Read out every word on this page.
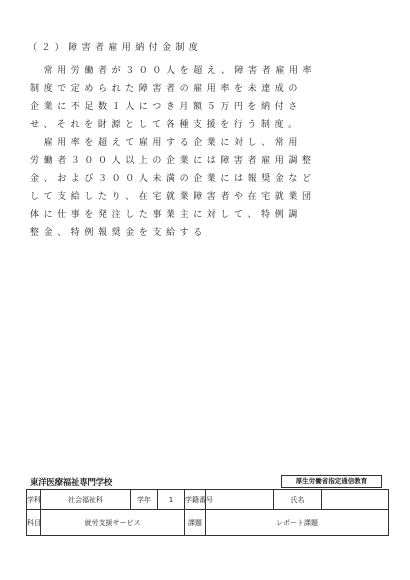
（２）障害者雇用納付金制度
　常用労働者が３００人を超え、障害者雇用率
制度で定められた障害者の雇用率を未達成の
企業に不足数１人につき月額５万円を納付さ
せ、それを財源として各種支援を行う制度。
　雇用率を超えて雇用する企業に対し、常用
労働者３００人以上の企業には障害者雇用調整
金、および３００人未満の企業には報奨金など
して支給したり、在宅就業障害者や在宅就業団
体に仕事を発注した事業主に対して、特例調
整金、特例報奨金を支給する
東洋医療福祉専門学校	厚生労働省指定通信教育
学科	社会福祉科	学年	1	学籍番号		氏名	
科目	就労支援サービス			課題	レポート課題		
